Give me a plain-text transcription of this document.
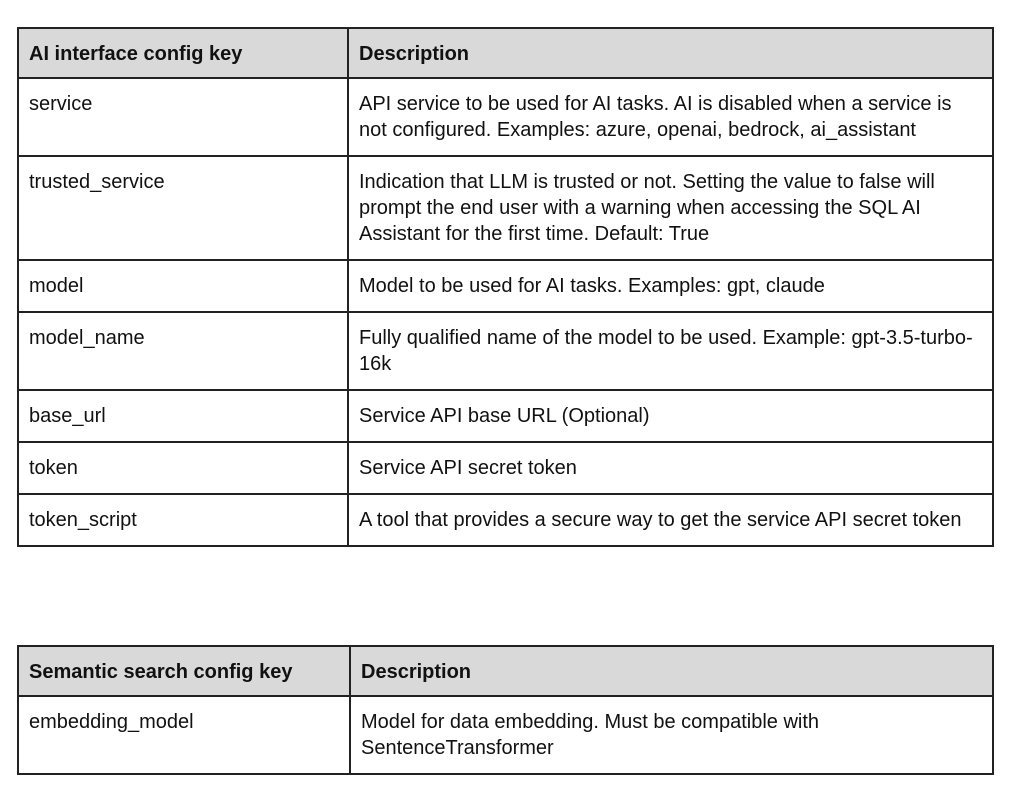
AI interface config key	Description
service	API service to be used for AI tasks. AI is disabled when a service is not configured. Examples: azure, openai, bedrock, ai_assistant
trusted_service	Indication that LLM is trusted or not. Setting the value to false will prompt the end user with a warning when accessing the SQL AI Assistant for the first time. Default: True
model	Model to be used for AI tasks. Examples: gpt, claude
model_name	Fully qualified name of the model to be used. Example: gpt-3.5-turbo-16k
base_url	Service API base URL (Optional)
token	Service API secret token
token_script	A tool that provides a secure way to get the service API secret token
Semantic search config key	Description
embedding_model	Model for data embedding. Must be compatible with SentenceTransformer
